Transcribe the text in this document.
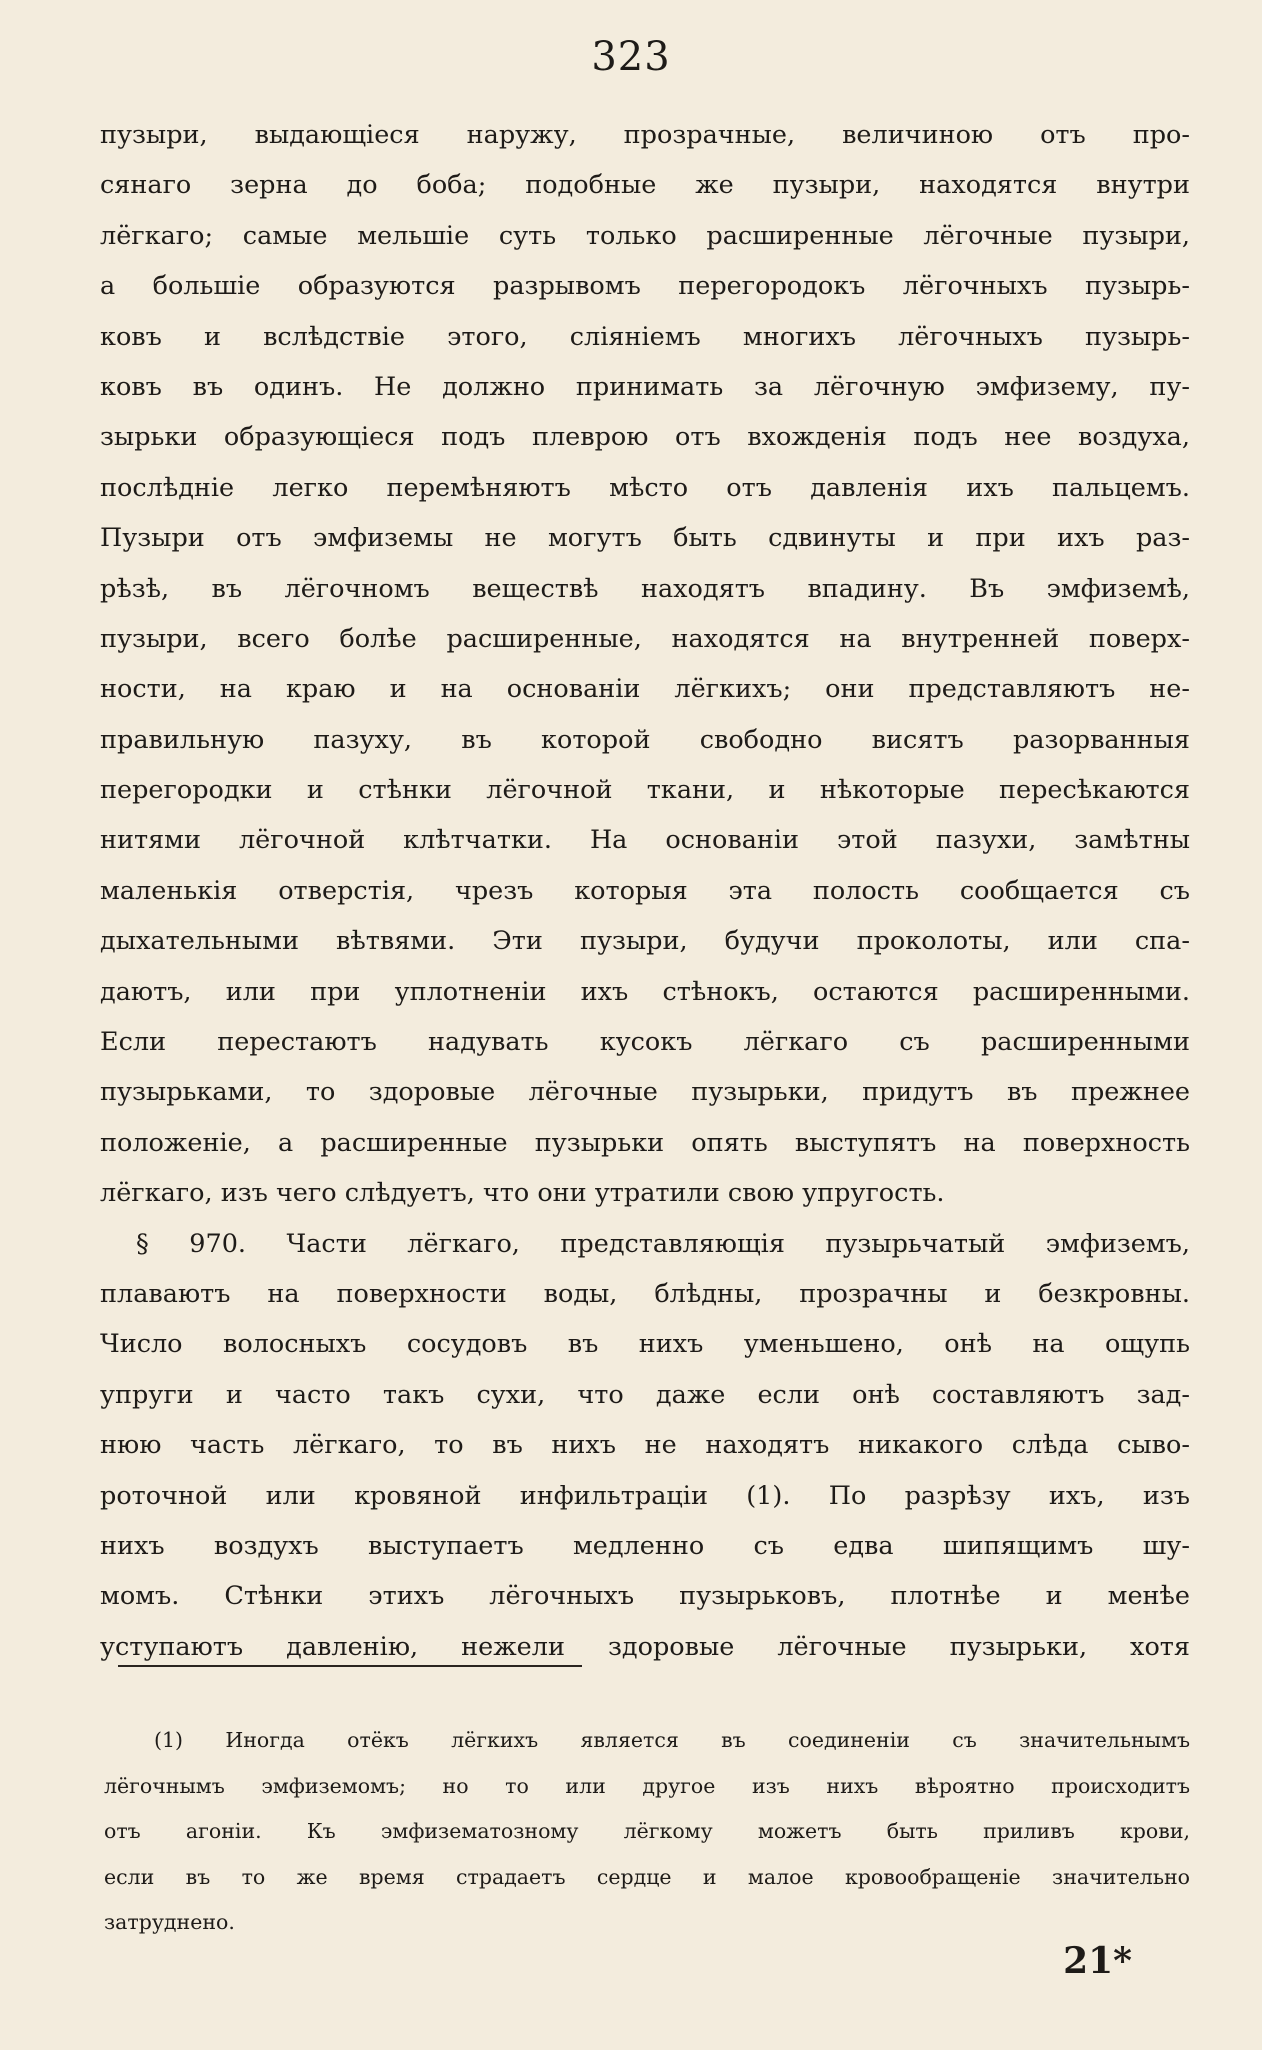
323
пузыри, выдающіеся наружу, прозрачные, величиною отъ про-
сянаго зерна до боба; подобные же пузыри, находятся внутри
лёгкаго; самые мельшіе суть только расширенные лёгочные пузыри,
а большіе образуются разрывомъ перегородокъ лёгочныхъ пузырь-
ковъ и вслѣдствіе этого, сліяніемъ многихъ лёгочныхъ пузырь-
ковъ въ одинъ. Не должно принимать за лёгочную эмфизему, пу-
зырьки образующіеся подъ плеврою отъ вхожденія подъ нее воздуха,
послѣдніе легко перемѣняютъ мѣсто отъ давленія ихъ пальцемъ.
Пузыри отъ эмфиземы не могутъ быть сдвинуты и при ихъ раз-
рѣзѣ, въ лёгочномъ веществѣ находятъ впадину. Въ эмфиземѣ,
пузыри, всего болѣе расширенные, находятся на внутренней поверх-
ности, на краю и на основаніи лёгкихъ; они представляютъ не-
правильную пазуху, въ которой свободно висятъ разорванныя
перегородки и стѣнки лёгочной ткани, и нѣкоторые пересѣкаются
нитями лёгочной клѣтчатки. На основаніи этой пазухи, замѣтны
маленькія отверстія, чрезъ которыя эта полость сообщается съ
дыхательными вѣтвями. Эти пузыри, будучи проколоты, или спа-
даютъ, или при уплотненіи ихъ стѣнокъ, остаются расширенными.
Если перестаютъ надувать кусокъ лёгкаго съ расширенными
пузырьками, то здоровые лёгочные пузырьки, придутъ въ прежнее
положеніе, а расширенные пузырьки опять выступятъ на поверхность
лёгкаго, изъ чего слѣдуетъ, что они утратили свою упругость.
§ 970. Части лёгкаго, представляющія пузырьчатый эмфиземъ,
плаваютъ на поверхности воды, блѣдны, прозрачны и безкровны.
Число волосныхъ сосудовъ въ нихъ уменьшено, онѣ на ощупь
упруги и часто такъ сухи, что даже если онѣ составляютъ зад-
нюю часть лёгкаго, то въ нихъ не находятъ никакого слѣда сыво-
роточной или кровяной инфильтраціи (1). По разрѣзу ихъ, изъ
нихъ воздухъ выступаетъ медленно съ едва шипящимъ шу-
момъ. Стѣнки этихъ лёгочныхъ пузырьковъ, плотнѣе и менѣе
уступаютъ давленію, нежели здоровые лёгочные пузырьки, хотя
(1) Иногда отёкъ лёгкихъ является въ соединеніи съ значительнымъ
лёгочнымъ эмфиземомъ; но то или другое изъ нихъ вѣроятно происходитъ
отъ агоніи. Къ эмфизематозному лёгкому можетъ быть приливъ крови,
если въ то же время страдаетъ сердце и малое кровообращеніе значительно
затруднено.
21*
